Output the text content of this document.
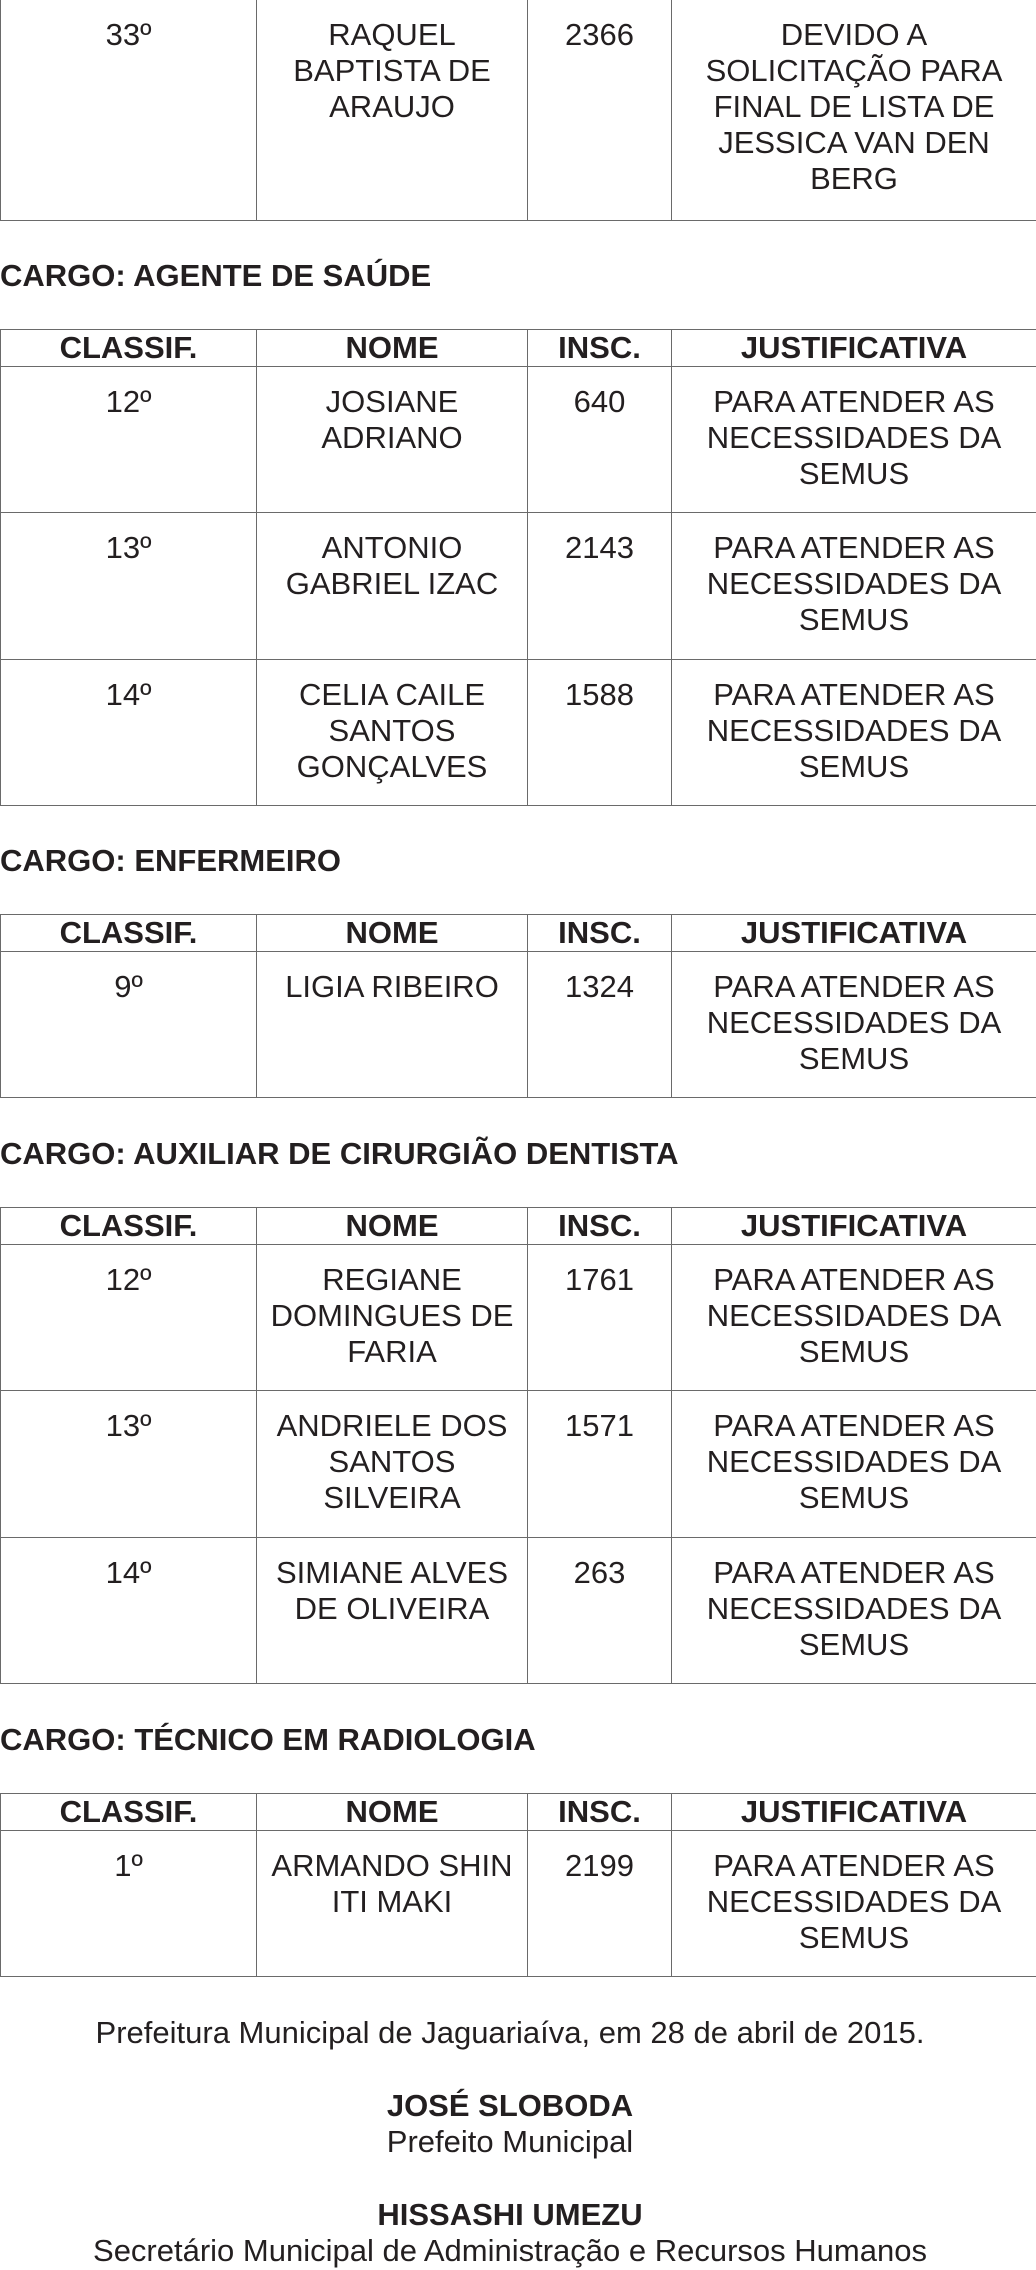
33º	RAQUEL BAPTISTA DE ARAUJO	2366	DEVIDO A SOLICITAÇÃO PARA FINAL DE LISTA DE JESSICA VAN DEN BERG
CARGO: AGENTE DE SAÚDE
CLASSIF.	NOME	INSC.	JUSTIFICATIVA
12º	JOSIANE ADRIANO	640	PARA ATENDER AS NECESSIDADES DA SEMUS
13º	ANTONIO GABRIEL IZAC	2143	PARA ATENDER AS NECESSIDADES DA SEMUS
14º	CELIA CAILE SANTOS GONÇALVES	1588	PARA ATENDER AS NECESSIDADES DA SEMUS
CARGO: ENFERMEIRO
CLASSIF.	NOME	INSC.	JUSTIFICATIVA
9º	LIGIA RIBEIRO	1324	PARA ATENDER AS NECESSIDADES DA SEMUS
CARGO: AUXILIAR DE CIRURGIÃO DENTISTA
CLASSIF.	NOME	INSC.	JUSTIFICATIVA
12º	REGIANE DOMINGUES DE FARIA	1761	PARA ATENDER AS NECESSIDADES DA SEMUS
13º	ANDRIELE DOS SANTOS SILVEIRA	1571	PARA ATENDER AS NECESSIDADES DA SEMUS
14º	SIMIANE ALVES DE OLIVEIRA	263	PARA ATENDER AS NECESSIDADES DA SEMUS
CARGO: TÉCNICO EM RADIOLOGIA
CLASSIF.	NOME	INSC.	JUSTIFICATIVA
1º	ARMANDO SHIN ITI MAKI	2199	PARA ATENDER AS NECESSIDADES DA SEMUS
Prefeitura Municipal de Jaguariaíva, em 28 de abril de 2015.
JOSÉ SLOBODA
Prefeito Municipal
HISSASHI UMEZU
Secretário Municipal de Administração e Recursos Humanos
